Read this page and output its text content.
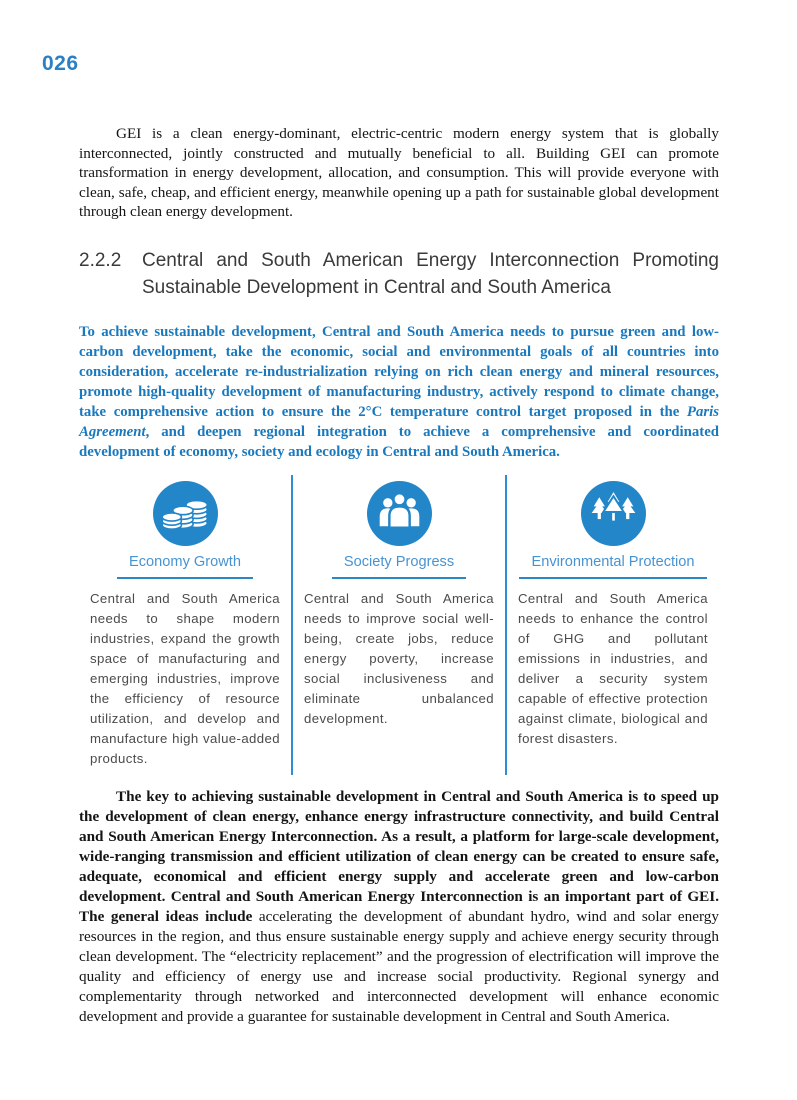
026

GEI is a clean energy-dominant, electric-centric modern energy system that is globally interconnected, jointly constructed and mutually beneficial to all. Building GEI can promote transformation in energy development, allocation, and consumption. This will provide everyone with clean, safe, cheap, and efficient energy, meanwhile opening up a path for sustainable global development through clean energy development.

2.2.2	Central and South American Energy Interconnection Promoting Sustainable Development in Central and South America

To achieve sustainable development, Central and South America needs to pursue green and low-carbon development, take the economic, social and environmental goals of all countries into consideration, accelerate re-industrialization relying on rich clean energy and mineral resources, promote high-quality development of manufacturing industry, actively respond to climate change, take comprehensive action to ensure the 2°C temperature control target proposed in the Paris Agreement, and deepen regional integration to achieve a comprehensive and coordinated development of economy, society and ecology in Central and South America.

Economy Growth

Central and South America needs to shape modern industries, expand the growth space of manufacturing and emerging industries, improve the efficiency of resource utilization, and develop and manufacture high value-added products.

Society Progress

Central and South America needs to improve social well-being, create jobs, reduce energy poverty, increase social inclusiveness and eliminate unbalanced development.

Environmental Protection

Central and South America needs to enhance the control of GHG and pollutant emissions in industries, and deliver a security system capable of effective protection against climate, biological and forest disasters.

The key to achieving sustainable development in Central and South America is to speed up the development of clean energy, enhance energy infrastructure connectivity, and build Central and South American Energy Interconnection. As a result, a platform for large-scale development, wide-ranging transmission and efficient utilization of clean energy can be created to ensure safe, adequate, economical and efficient energy supply and accelerate green and low-carbon development. Central and South American Energy Interconnection is an important part of GEI. The general ideas include accelerating the development of abundant hydro, wind and solar energy resources in the region, and thus ensure sustainable energy supply and achieve energy security through clean development. The “electricity replacement” and the progression of electrification will improve the quality and efficiency of energy use and increase social productivity. Regional synergy and complementarity through networked and interconnected development will enhance economic development and provide a guarantee for sustainable development in Central and South America.
